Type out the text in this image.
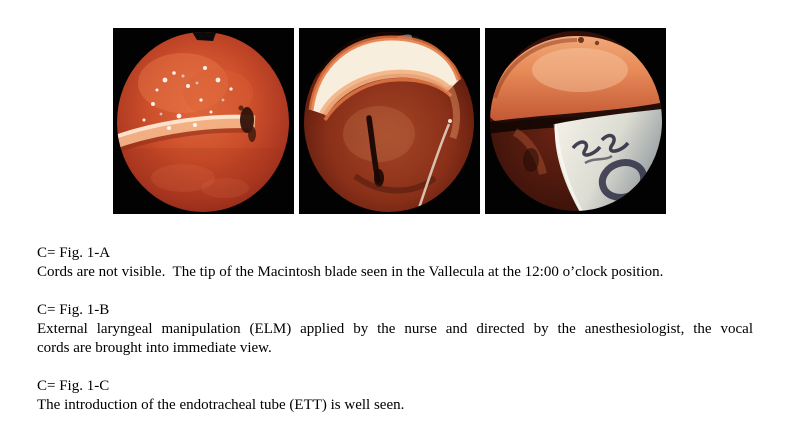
C= Fig. 1-A
Cords are not visible.  The tip of the Macintosh blade seen in the Vallecula at the 12:00 o’clock position.
C= Fig. 1-B
External laryngeal manipulation (ELM) applied by the nurse and directed by the anesthesiologist, the vocal
cords are brought into immediate view.
C= Fig. 1-C
The introduction of the endotracheal tube (ETT) is well seen.
